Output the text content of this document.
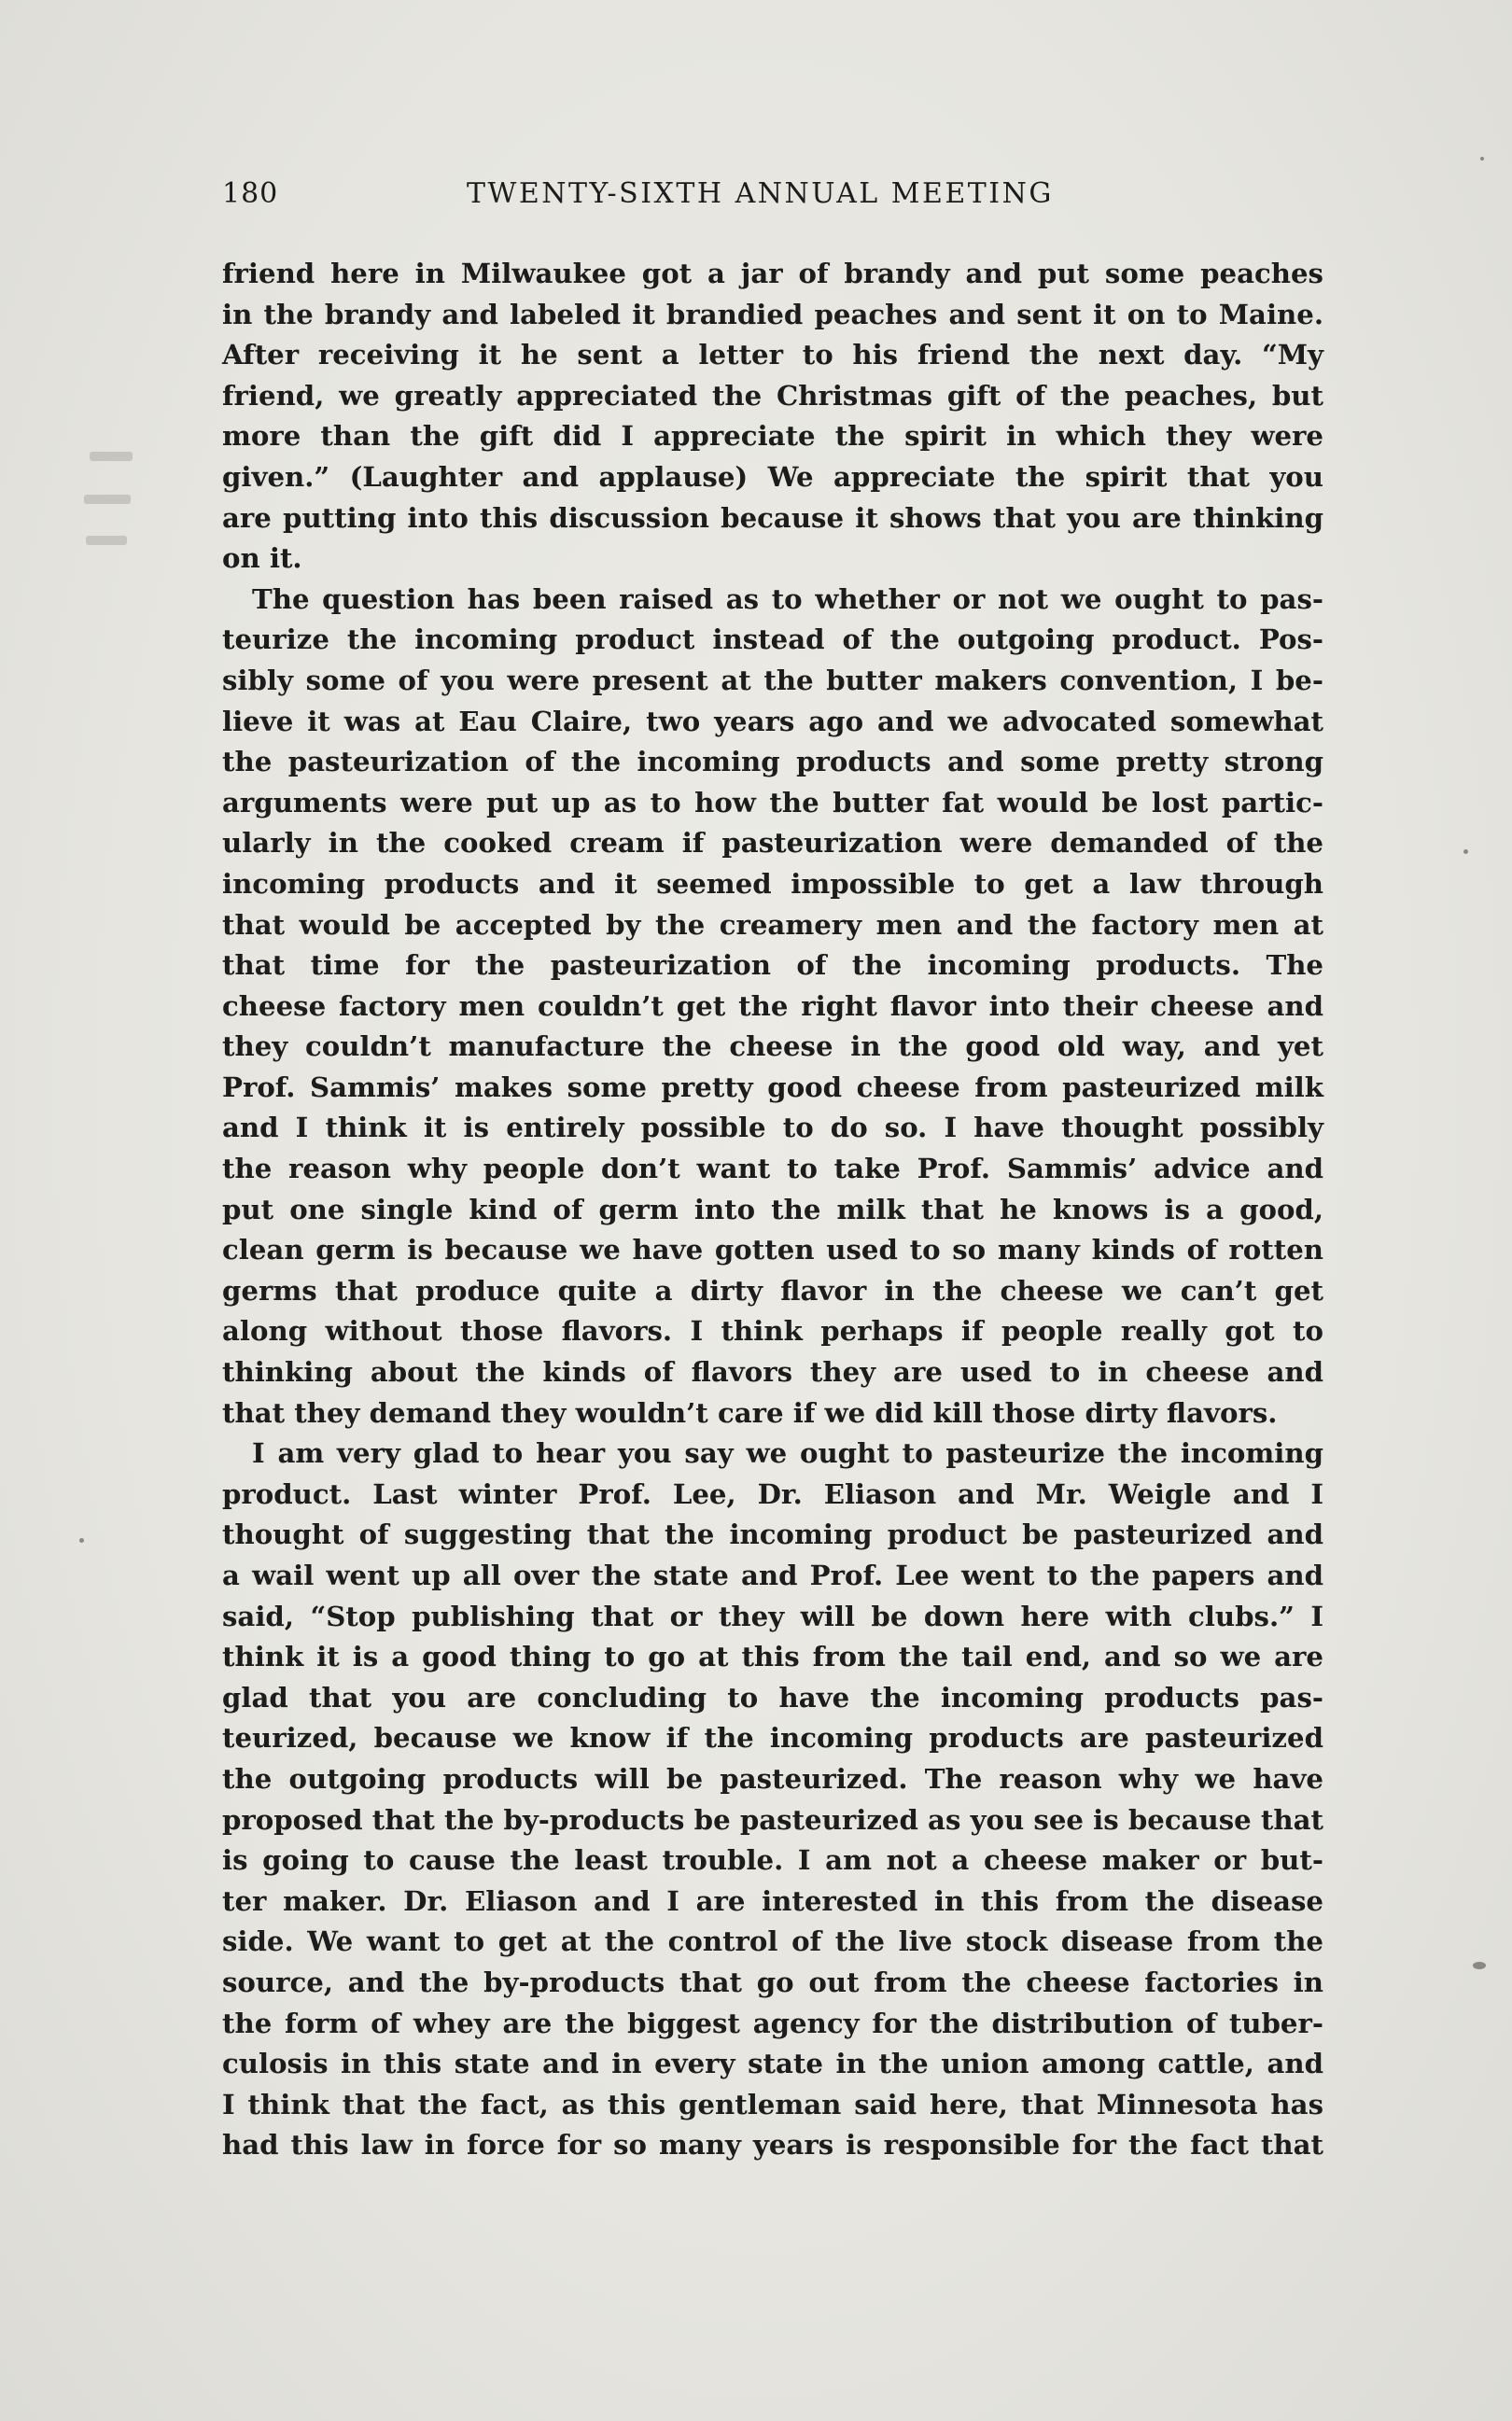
180	TWENTY-SIXTH ANNUAL MEETING
friend here in Milwaukee got a jar of brandy and put some peaches
in the brandy and labeled it brandied peaches and sent it on to Maine.
After receiving it he sent a letter to his friend the next day. “My
friend, we greatly appreciated the Christmas gift of the peaches, but
more than the gift did I appreciate the spirit in which they were
given.” (Laughter and applause) We appreciate the spirit that you
are putting into this discussion because it shows that you are thinking
on it.
The question has been raised as to whether or not we ought to pas-
teurize the incoming product instead of the outgoing product. Pos-
sibly some of you were present at the butter makers convention, I be-
lieve it was at Eau Claire, two years ago and we advocated somewhat
the pasteurization of the incoming products and some pretty strong
arguments were put up as to how the butter fat would be lost partic-
ularly in the cooked cream if pasteurization were demanded of the
incoming products and it seemed impossible to get a law through
that would be accepted by the creamery men and the factory men at
that time for the pasteurization of the incoming products. The
cheese factory men couldn’t get the right flavor into their cheese and
they couldn’t manufacture the cheese in the good old way, and yet
Prof. Sammis’ makes some pretty good cheese from pasteurized milk
and I think it is entirely possible to do so. I have thought possibly
the reason why people don’t want to take Prof. Sammis’ advice and
put one single kind of germ into the milk that he knows is a good,
clean germ is because we have gotten used to so many kinds of rotten
germs that produce quite a dirty flavor in the cheese we can’t get
along without those flavors. I think perhaps if people really got to
thinking about the kinds of flavors they are used to in cheese and
that they demand they wouldn’t care if we did kill those dirty flavors.
I am very glad to hear you say we ought to pasteurize the incoming
product. Last winter Prof. Lee, Dr. Eliason and Mr. Weigle and I
thought of suggesting that the incoming product be pasteurized and
a wail went up all over the state and Prof. Lee went to the papers and
said, “Stop publishing that or they will be down here with clubs.” I
think it is a good thing to go at this from the tail end, and so we are
glad that you are concluding to have the incoming products pas-
teurized, because we know if the incoming products are pasteurized
the outgoing products will be pasteurized. The reason why we have
proposed that the by-products be pasteurized as you see is because that
is going to cause the least trouble. I am not a cheese maker or but-
ter maker. Dr. Eliason and I are interested in this from the disease
side. We want to get at the control of the live stock disease from the
source, and the by-products that go out from the cheese factories in
the form of whey are the biggest agency for the distribution of tuber-
culosis in this state and in every state in the union among cattle, and
I think that the fact, as this gentleman said here, that Minnesota has
had this law in force for so many years is responsible for the fact that
